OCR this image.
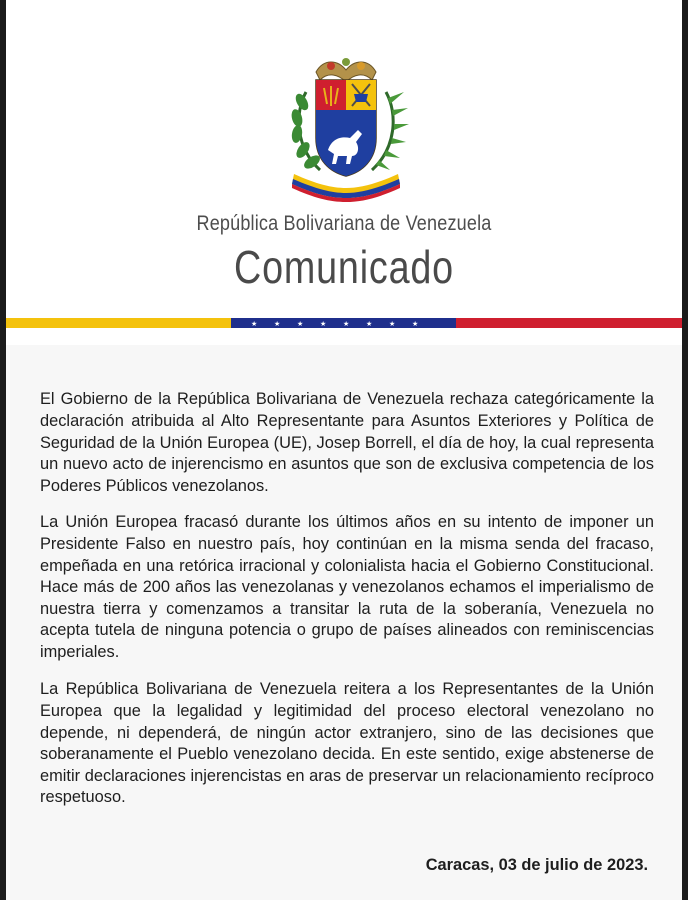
República Bolivariana de Venezuela
Comunicado
★ ★ ★ ★ ★ ★ ★ ★

El Gobierno de la República Bolivariana de Venezuela rechaza categóricamente la declaración atribuida al Alto Representante para Asuntos Exteriores y Política de Seguridad de la Unión Europea (UE), Josep Borrell, el día de hoy, la cual representa un nuevo acto de injerencismo en asuntos que son de exclusiva competencia de los Poderes Públicos venezolanos.

La Unión Europea fracasó durante los últimos años en su intento de imponer un Presidente Falso en nuestro país, hoy continúan en la misma senda del fracaso, empeñada en una retórica irracional y colonialista hacia el Gobierno Constitucional. Hace más de 200 años las venezolanas y venezolanos echamos el imperialismo de nuestra tierra y comenzamos a transitar la ruta de la soberanía, Venezuela no acepta tutela de ninguna potencia o grupo de países alineados con reminiscencias imperiales.

La República Bolivariana de Venezuela reitera a los Representantes de la Unión Europea que la legalidad y legitimidad del proceso electoral venezolano no depende, ni dependerá, de ningún actor extranjero, sino de las decisiones que soberanamente el Pueblo venezolano decida. En este sentido, exige abstenerse de emitir declaraciones injerencistas en aras de preservar un relacionamiento recíproco respetuoso.

Caracas, 03 de julio de 2023.
